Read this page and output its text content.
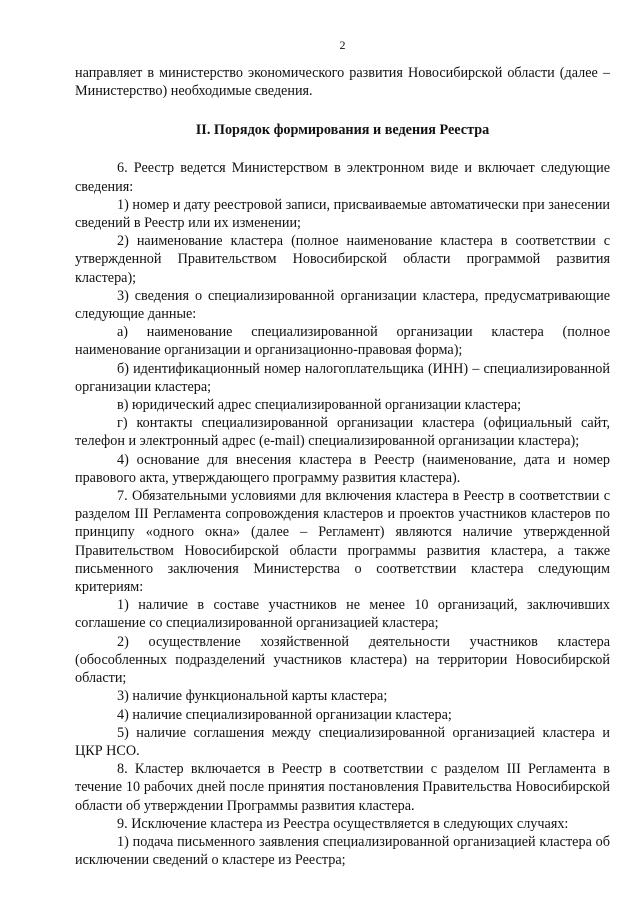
2

направляет в министерство экономического развития Новосибирской области (далее – Министерство) необходимые сведения.

II. Порядок формирования и ведения Реестра

6. Реестр ведется Министерством в электронном виде и включает следующие сведения:

1) номер и дату реестровой записи, присваиваемые автоматически при занесении сведений в Реестр или их изменении;

2) наименование кластера (полное наименование кластера в соответствии с утвержденной Правительством Новосибирской области программой развития кластера);

3) сведения о специализированной организации кластера, предусматривающие следующие данные:

а) наименование специализированной организации кластера (полное наименование организации и организационно-правовая форма);

б) идентификационный номер налогоплательщика (ИНН) – специализированной организации кластера;

в) юридический адрес специализированной организации кластера;

г) контакты специализированной организации кластера (официальный сайт, телефон и электронный адрес (e-mail) специализированной организации кластера);

4) основание для внесения кластера в Реестр (наименование, дата и номер правового акта, утверждающего программу развития кластера).

7. Обязательными условиями для включения кластера в Реестр в соответствии с разделом III Регламента сопровождения кластеров и проектов участников кластеров по принципу «одного окна» (далее – Регламент) являются наличие утвержденной Правительством Новосибирской области программы развития кластера, а также письменного заключения Министерства о соответствии кластера следующим критериям:

1) наличие в составе участников не менее 10 организаций, заключивших соглашение со специализированной организацией кластера;

2) осуществление хозяйственной деятельности участников кластера (обособленных подразделений участников кластера) на территории Новосибирской области;

3) наличие функциональной карты кластера;

4) наличие специализированной организации кластера;

5) наличие соглашения между специализированной организацией кластера и ЦКР НСО.

8. Кластер включается в Реестр в соответствии с разделом III Регламента в течение 10 рабочих дней после принятия постановления Правительства Новосибирской области об утверждении Программы развития кластера.

9. Исключение кластера из Реестра осуществляется в следующих случаях:

1) подача письменного заявления специализированной организацией кластера об исключении сведений о кластере из Реестра;
